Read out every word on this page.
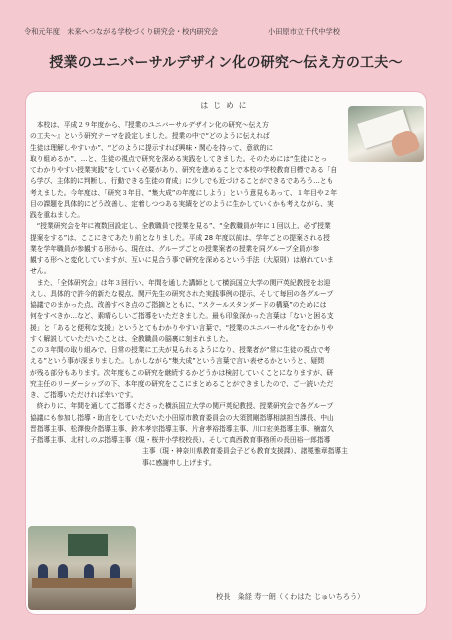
令和元年度　未来へつながる学校づくり研究会・校内研究会	小田原市立千代中学校
授業のユニバーサルデザイン化の研究〜伝え方の工夫〜
はじめに

本校は、平成２９年度から、『授業のユニバーサルデザイン化の研究〜伝え方

の工夫〜』という研究テーマを設定しました。授業の中で“どのように伝えれば

生徒は理解しやすいか”、“どのように提示すれば興味・関心を持って、意欲的に

取り組めるか”、…と、生徒の視点で研究を深める実践をしてきました。そのためには“生徒にとっ

てわかりやすい授業実践”をしていく必要があり、研究を進めることで本校の学校教育目標である「自

ら学び、主体的に判断し、行動できる生徒の育成」に少しでも近づけることができるであろう…とも

考えました。今年度は、「研究３年目、“集大成”の年度にしよう」という意見もあって、１年目や２年

目の課題を具体的にどう改善し、定着しつつある実績をどのように生かしていくかも考えながら、実

践を重ねました。

“授業研究会を年に複数回設定し、全教職員で授業を見る”、“全教職員が年に１回以上、必ず授業

提案をする”は、ここにきてあたり前となりました。平成 28 年度以前は、学年ごとの提案される授

業を学年職員が参観する形から、現在は、グループごとの授業案者の授業を同グループ全員が参

観する形へと変化していますが、互いに見合う事で研究を深めるという手法（大原則）は崩れていま

せん。

また、「全体研究会」は年３回行い、年間を通した講師として横浜国立大学の関戸英紀教授をお迎

えし、具体的で許今的新たな視点、関戸先生の研究された実践事例の提示、そして毎回の各グループ

協議でのまかった点、改善すべき点のご指摘とともに、“スクールスタンダードの構築”のためには

何をすべきか…など、素晴らしいご指導をいただきました。最も印象深かった言葉は「ないと困る支

援」と「あると便利な支援」というとてもわかりやすい言葉で、“授業のユニバーサル化”をわかりや

すく解説していただいたことは、全教職員の脳裏に刻まれました。

この３年間の取り組みで、日常の授業に工夫が見られるようになり、授業者が“常に生徒の視点で考

える”という事が深まりました。しかしながら“集大成”という言葉で言い表せるかというと、疑問

が残る部分もあります。次年度もこの研究を継続するかどうかは検討していくことになりますが、研

究主任のリーダーシップの下、本年度の研究をここにまとめることができましたので、ご一読いただ

き、ご指導いただければ幸いです。

終わりに、年間を通してご指導くださった横浜国立大学の関戸英紀教授、授業研究会で各グループ

協議にも参加し指導・助言をしていただいた小田原市教育委員会の大須賀剛指導相談担当課長、中山

晋指導主事、松澤俊介指導主事、鈴木孝宗指導主事、片倉孝裕指導主事、川口宏美指導主事、楠富久

子指導主事、北村しのぶ指導主事（現・桜井小学校校長）、そして真西教育事務所の長田裕一郎指導

主事（現・神奈川県教育委員会子ども教育支援課）、諸冕雅章指導主

事に感謝申し上げます。

校長　粂経 寿一朗（くわはた じゅいちろう）
